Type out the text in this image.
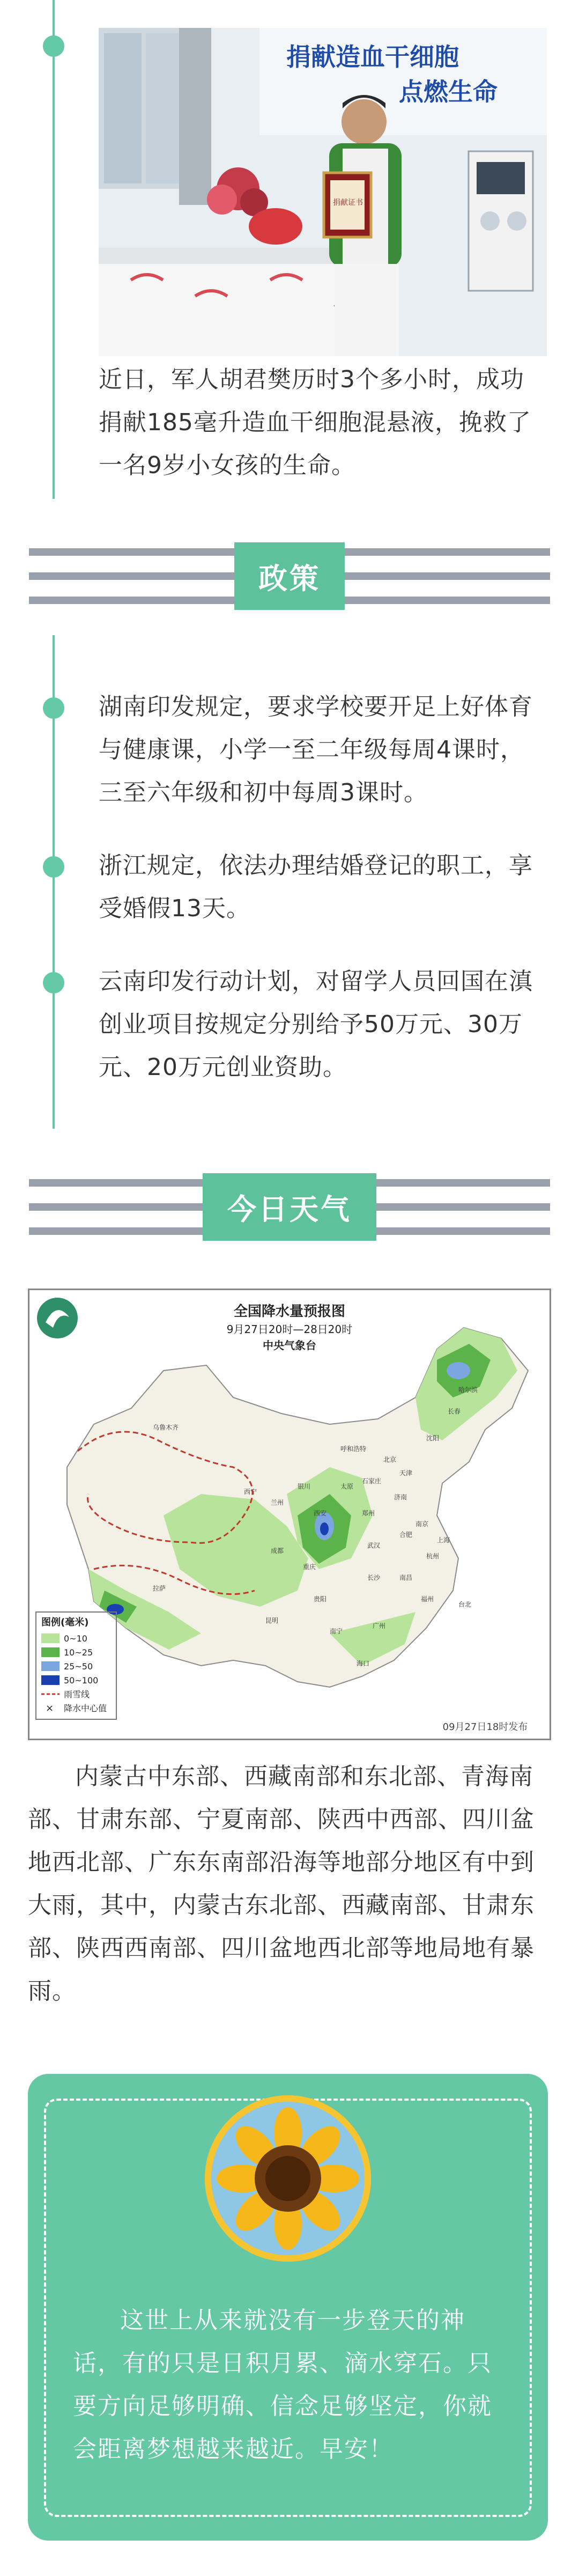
捐献造血干细胞
点燃生命
捐献证书
近日，军人胡君樊历时3个多小时，成功捐献185毫升造血干细胞混悬液，挽救了一名9岁小女孩的生命。
政策
湖南印发规定，要求学校要开足上好体育与健康课，小学一至二年级每周4课时，三至六年级和初中每周3课时。
浙江规定，依法办理结婚登记的职工，享受婚假13天。
云南印发行动计划，对留学人员回国在滇创业项目按规定分别给予50万元、30万元、20万元创业资助。
今日天气
全国降水量预报图
9月27日20时—28日20时
中央气象台
图例(毫米)
0~10
10~25
25~50
50~100
雨雪线
× 降水中心值
09月27日18时发布
哈尔滨
长春
沈阳
北京
天津
石家庄
太原
济南
郑州
西安
兰州
西宁
银川
成都
重庆
武汉
南京
合肥
上海
杭州
长沙	南昌
福州
台北
贵阳
昆明
南宁
广州
海口
拉萨
乌鲁木齐
呼和浩特
内蒙古中东部、西藏南部和东北部、青海南部、甘肃东部、宁夏南部、陕西中西部、四川盆地西北部、广东东南部沿海等地部分地区有中到大雨，其中，内蒙古东北部、西藏南部、甘肃东部、陕西西南部、四川盆地西北部等地局地有暴雨。
这世上从来就没有一步登天的神话，有的只是日积月累、滴水穿石。只要方向足够明确、信念足够坚定，你就会距离梦想越来越近。早安！
